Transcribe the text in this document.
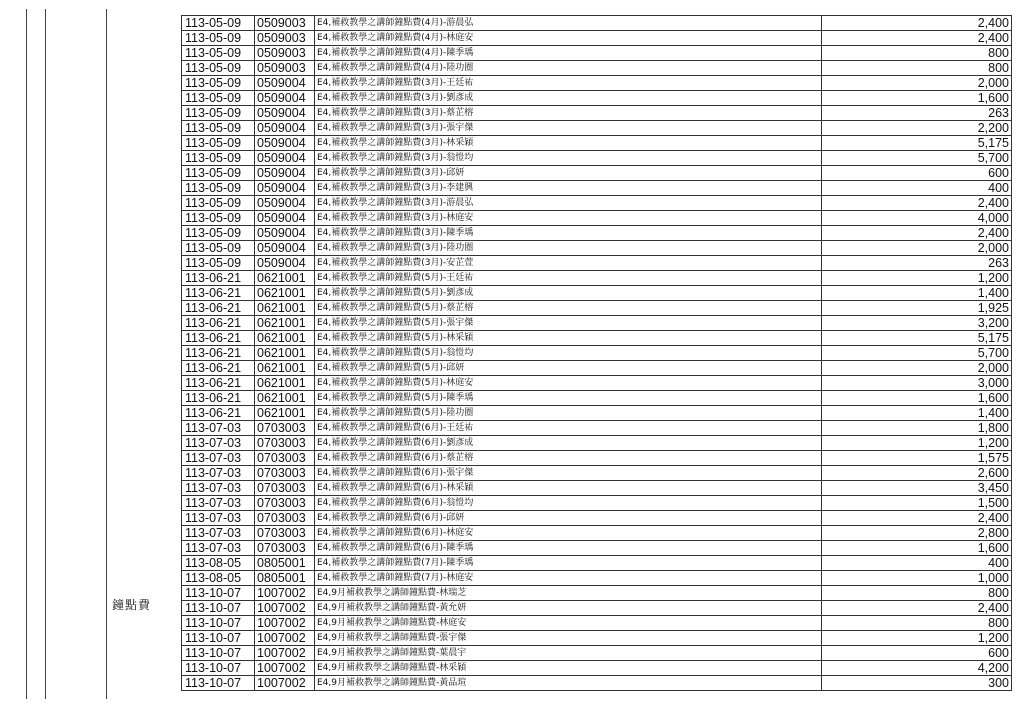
鐘點費
113-05-09	0509003	E4,補救教學之講師鐘點費(4月)-游晨弘	2,400
113-05-09	0509003	E4,補救教學之講師鐘點費(4月)-林庭安	2,400
113-05-09	0509003	E4,補救教學之講師鐘點費(4月)-陳季瑀	800
113-05-09	0509003	E4,補救教學之講師鐘點費(4月)-陸功圈	800
113-05-09	0509004	E4,補救教學之講師鐘點費(3月)-王廷祐	2,000
113-05-09	0509004	E4,補救教學之講師鐘點費(3月)-劉彥成	1,600
113-05-09	0509004	E4,補救教學之講師鐘點費(3月)-蔡芷榕	263
113-05-09	0509004	E4,補救教學之講師鐘點費(3月)-張宇傑	2,200
113-05-09	0509004	E4,補救教學之講師鐘點費(3月)-林采穎	5,175
113-05-09	0509004	E4,補救教學之講師鐘點費(3月)-翁愷均	5,700
113-05-09	0509004	E4,補救教學之講師鐘點費(3月)-邱妍	600
113-05-09	0509004	E4,補救教學之講師鐘點費(3月)-李建興	400
113-05-09	0509004	E4,補救教學之講師鐘點費(3月)-游晨弘	2,400
113-05-09	0509004	E4,補救教學之講師鐘點費(3月)-林庭安	4,000
113-05-09	0509004	E4,補救教學之講師鐘點費(3月)-陳季瑀	2,400
113-05-09	0509004	E4,補救教學之講師鐘點費(3月)-陸功圈	2,000
113-05-09	0509004	E4,補救教學之講師鐘點費(3月)-安芷萱	263
113-06-21	0621001	E4,補救教學之講師鐘點費(5月)-王廷祐	1,200
113-06-21	0621001	E4,補救教學之講師鐘點費(5月)-劉彥成	1,400
113-06-21	0621001	E4,補救教學之講師鐘點費(5月)-蔡芷榕	1,925
113-06-21	0621001	E4,補救教學之講師鐘點費(5月)-張宇傑	3,200
113-06-21	0621001	E4,補救教學之講師鐘點費(5月)-林采穎	5,175
113-06-21	0621001	E4,補救教學之講師鐘點費(5月)-翁愷均	5,700
113-06-21	0621001	E4,補救教學之講師鐘點費(5月)-邱妍	2,000
113-06-21	0621001	E4,補救教學之講師鐘點費(5月)-林庭安	3,000
113-06-21	0621001	E4,補救教學之講師鐘點費(5月)-陳季瑀	1,600
113-06-21	0621001	E4,補救教學之講師鐘點費(5月)-陸功圈	1,400
113-07-03	0703003	E4,補救教學之講師鐘點費(6月)-王廷祐	1,800
113-07-03	0703003	E4,補救教學之講師鐘點費(6月)-劉彥成	1,200
113-07-03	0703003	E4,補救教學之講師鐘點費(6月)-蔡芷榕	1,575
113-07-03	0703003	E4,補救教學之講師鐘點費(6月)-張宇傑	2,600
113-07-03	0703003	E4,補救教學之講師鐘點費(6月)-林采穎	3,450
113-07-03	0703003	E4,補救教學之講師鐘點費(6月)-翁愷均	1,500
113-07-03	0703003	E4,補救教學之講師鐘點費(6月)-邱妍	2,400
113-07-03	0703003	E4,補救教學之講師鐘點費(6月)-林庭安	2,800
113-07-03	0703003	E4,補救教學之講師鐘點費(6月)-陳季瑀	1,600
113-08-05	0805001	E4,補救教學之講師鐘點費(7月)-陳季瑀	400
113-08-05	0805001	E4,補救教學之講師鐘點費(7月)-林庭安	1,000
113-10-07	1007002	E4,9月補救教學之講師鐘點費-林瑞芝	800
113-10-07	1007002	E4,9月補救教學之講師鐘點費-黃允妍	2,400
113-10-07	1007002	E4,9月補救教學之講師鐘點費-林庭安	800
113-10-07	1007002	E4,9月補救教學之講師鐘點費-張宇傑	1,200
113-10-07	1007002	E4,9月補救教學之講師鐘點費-葉晨宇	600
113-10-07	1007002	E4,9月補救教學之講師鐘點費-林采穎	4,200
113-10-07	1007002	E4,9月補救教學之講師鐘點費-黃品瑄	300
